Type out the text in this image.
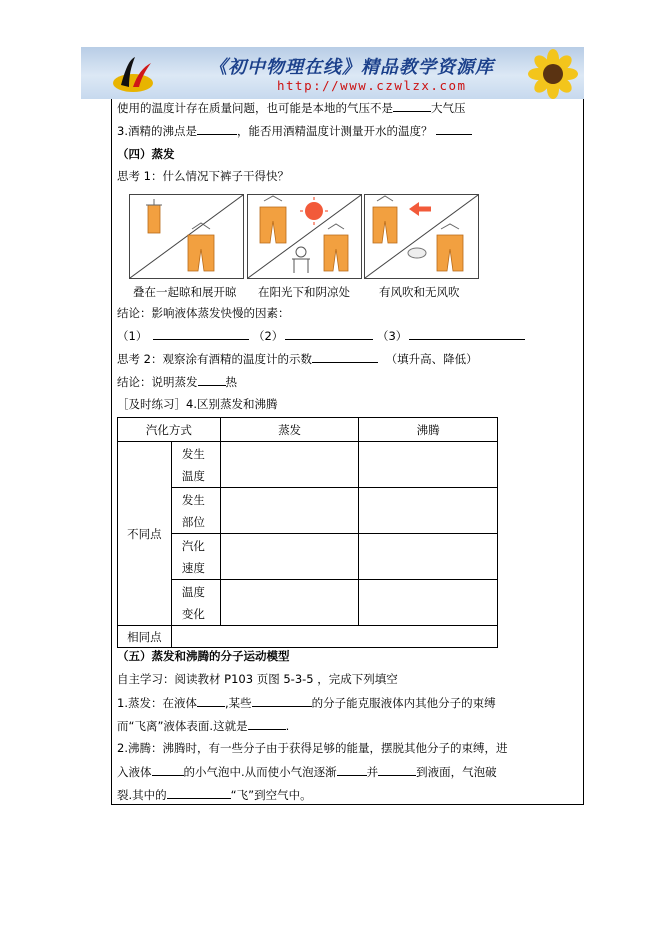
《初中物理在线》精品教学资源库
http://www.czwlzx.com
使用的温度计存在质量问题，也可能是本地的气压不是	大气压
3.酒精的沸点是	，能否用酒精温度计测量开水的温度？
（四）蒸发
思考 1：什么情况下裤子干得快？
叠在一起晾和展开晾 在阳光下和阴凉处	有风吹和无风吹
结论：影响液体蒸发快慢的因素：
（1）	（2）	（3）
思考 2：观察涂有酒精的温度计的示数	（填升高、降低）
结论：说明蒸发 热
［及时练习］4.区别蒸发和沸腾
汽化方式		蒸发	沸腾
不同点	发生
温度		
	发生
部位		
	汽化
速度		
	温度
变化		
相同点			
（五）蒸发和沸腾的分子运动模型
自主学习：阅读教材 P103 页图 5-3-5 ，完成下列填空
1.蒸发：在液体 ,某些	的分子能克服液体内其他分子的束缚
而“飞离”液体表面.这就是	.
2.沸腾：沸腾时，有一些分子由于获得足够的能量，摆脱其他分子的束缚，进
入液体	的小气泡中.从而使小气泡逐渐	并	到液面，气泡破
裂.其中的	“飞”到空气中。
